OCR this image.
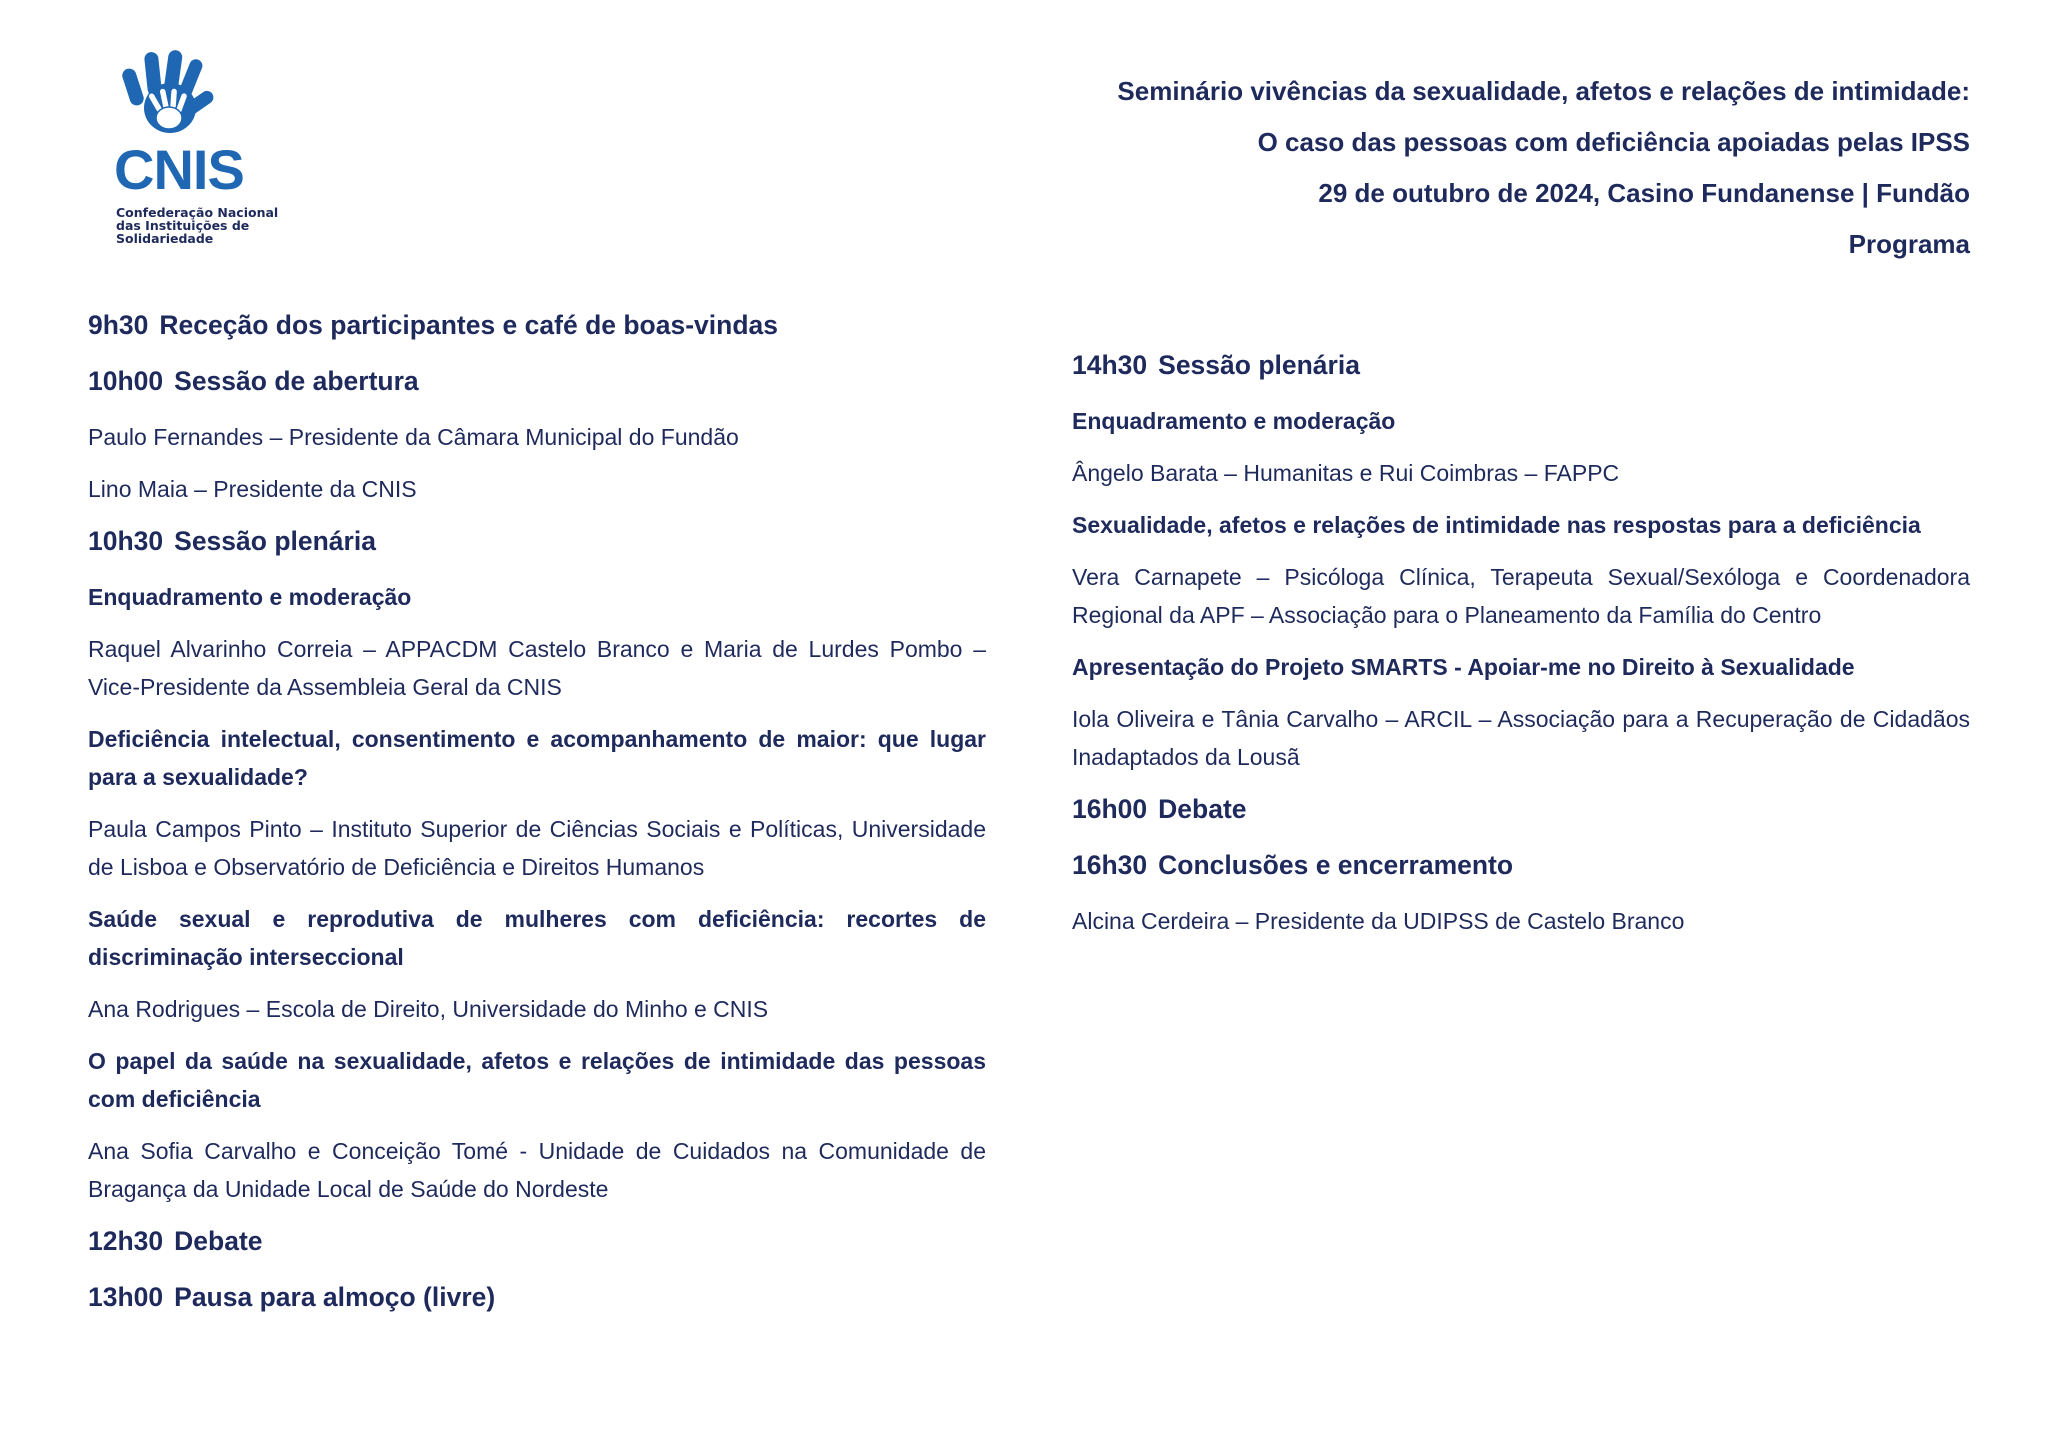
CNIS
Confederação Nacional
das Instituições de
Solidariedade
Seminário vivências da sexualidade, afetos e relações de intimidade:
O caso das pessoas com deficiência apoiadas pelas IPSS
29 de outubro de 2024, Casino Fundanense | Fundão
Programa
9h30 Receção dos participantes e café de boas-vindas
10h00 Sessão de abertura
Paulo Fernandes – Presidente da Câmara Municipal do Fundão
Lino Maia – Presidente da CNIS
10h30 Sessão plenária
Enquadramento e moderação
Raquel Alvarinho Correia – APPACDM Castelo Branco e Maria de Lurdes Pombo – Vice-Presidente da Assembleia Geral da CNIS
Deficiência intelectual, consentimento e acompanhamento de maior: que lugar para a sexualidade?
Paula Campos Pinto – Instituto Superior de Ciências Sociais e Políticas, Universidade de Lisboa e Observatório de Deficiência e Direitos Humanos
Saúde sexual e reprodutiva de mulheres com deficiência: recortes de discriminação interseccional
Ana Rodrigues – Escola de Direito, Universidade do Minho e CNIS
O papel da saúde na sexualidade, afetos e relações de intimidade das pessoas com deficiência
Ana Sofia Carvalho e Conceição Tomé - Unidade de Cuidados na Comunidade de Bragança da Unidade Local de Saúde do Nordeste
12h30 Debate
13h00 Pausa para almoço (livre)
14h30 Sessão plenária
Enquadramento e moderação
Ângelo Barata – Humanitas e Rui Coimbras – FAPPC
Sexualidade, afetos e relações de intimidade nas respostas para a deficiência
Vera Carnapete – Psicóloga Clínica, Terapeuta Sexual/Sexóloga e Coordenadora Regional da APF – Associação para o Planeamento da Família do Centro
Apresentação do Projeto SMARTS - Apoiar-me no Direito à Sexualidade
Iola Oliveira e Tânia Carvalho – ARCIL – Associação para a Recuperação de Cidadãos Inadaptados da Lousã
16h00 Debate
16h30 Conclusões e encerramento
Alcina Cerdeira – Presidente da UDIPSS de Castelo Branco
